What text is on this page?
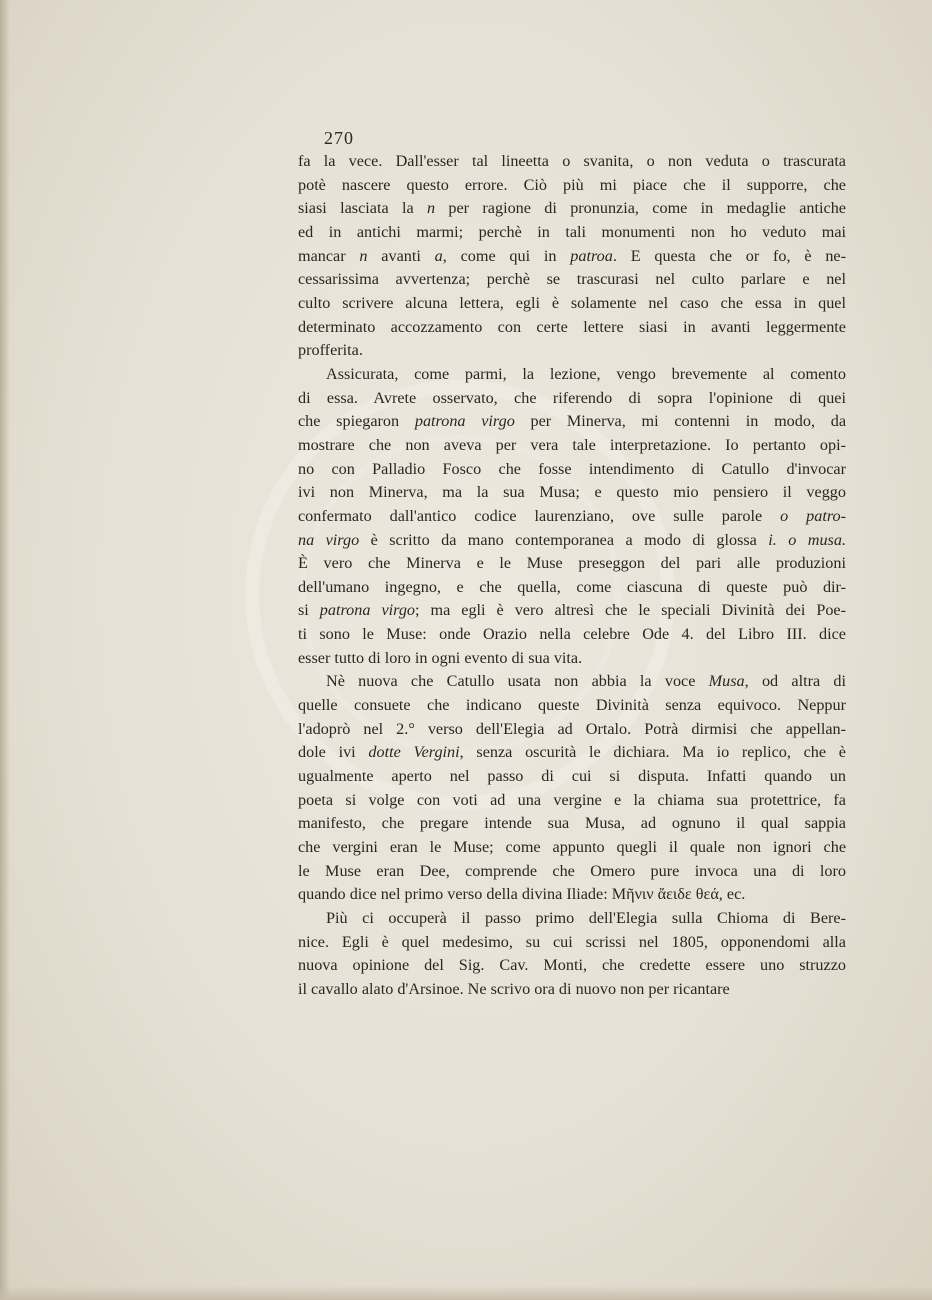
270

fa la vece. Dall'esser tal lineetta o svanita, o non veduta o trascurata
potè nascere questo errore. Ciò più mi piace che il supporre, che
siasi lasciata la n per ragione di pronunzia, come in medaglie antiche
ed in antichi marmi; perchè in tali monumenti non ho veduto mai
mancar n avanti a, come qui in patroa. E questa che or fo, è ne-
cessarissima avvertenza; perchè se trascurasi nel culto parlare e nel
culto scrivere alcuna lettera, egli è solamente nel caso che essa in quel
determinato accozzamento con certe lettere siasi in avanti leggermente
profferita.

Assicurata, come parmi, la lezione, vengo brevemente al comento
di essa. Avrete osservato, che riferendo di sopra l'opinione di quei
che spiegaron patrona virgo per Minerva, mi contenni in modo, da
mostrare che non aveva per vera tale interpretazione. Io pertanto opi-
no con Palladio Fosco che fosse intendimento di Catullo d'invocar
ivi non Minerva, ma la sua Musa; e questo mio pensiero il veggo
confermato dall'antico codice laurenziano, ove sulle parole o patro-
na virgo è scritto da mano contemporanea a modo di glossa i. o musa.
È vero che Minerva e le Muse preseggon del pari alle produzioni
dell'umano ingegno, e che quella, come ciascuna di queste può dir-
si patrona virgo; ma egli è vero altresì che le speciali Divinità dei Poe-
ti sono le Muse: onde Orazio nella celebre Ode 4. del Libro III. dice
esser tutto di loro in ogni evento di sua vita.

Nè nuova che Catullo usata non abbia la voce Musa, od altra di
quelle consuete che indicano queste Divinità senza equivoco. Neppur
l'adoprò nel 2.° verso dell'Elegia ad Ortalo. Potrà dirmisi che appellan-
dole ivi dotte Vergini, senza oscurità le dichiara. Ma io replico, che è
ugualmente aperto nel passo di cui si disputa. Infatti quando un
poeta si volge con voti ad una vergine e la chiama sua protettrice, fa
manifesto, che pregare intende sua Musa, ad ognuno il qual sappia
che vergini eran le Muse; come appunto quegli il quale non ignori che
le Muse eran Dee, comprende che Omero pure invoca una di loro
quando dice nel primo verso della divina Iliade: Μῆνιν ἄειδε θεά, ec.

Più ci occuperà il passo primo dell'Elegia sulla Chioma di Bere-
nice. Egli è quel medesimo, su cui scrissi nel 1805, opponendomi alla
nuova opinione del Sig. Cav. Monti, che credette essere uno struzzo
il cavallo alato d'Arsinoe. Ne scrivo ora di nuovo non per ricantare
